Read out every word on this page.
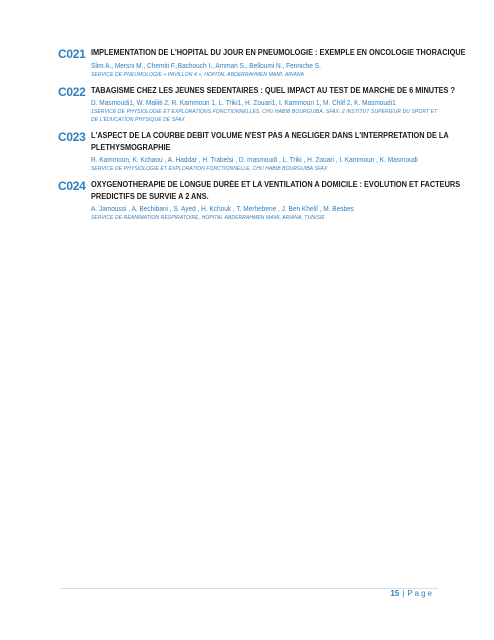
C021 IMPLEMENTATION DE L'HOPITAL DU JOUR EN PNEUMOLOGIE : EXEMPLE EN ONCOLOGIE THORACIQUE
Slim A., Mersni M., Chemiti F.,Bachouch I., Ammari S., Belloumi N., Fenniche S.
SERVICE DE PNEUMOLOGIE « PAVILLON 4 », HOPITAL ABDERRAHMEN MAMI. ARIANA
C022 TABAGISME CHEZ LES JEUNES SEDENTAIRES : QUEL IMPACT AU TEST DE MARCHE DE 6 MINUTES ?
D. Masmoudi1, W. Maliiti 2, R. Kammoun 1, L. Triki1, H. Zouari1, I. Kammoun 1, M. Chlif 2, K. Masmoudi1
1SERVICE DE PHYSIOLOGIE ET EXPLORATIONS FONCTIONNELLES. CHU HABIB BOURGUIBA, SFAX. 2 INSTITUT SUPÉRIEUR DU SPORT ET DE L'ÉDUCATION PHYSIQUE DE SFAX
C023 L'ASPECT DE LA COURBE DEBIT VOLUME N'EST PAS A NEGLIGER DANS L'INTERPRETATION DE LA PLETHYSMOGRAPHIE
R. Kammoun, K. Kchaou , A. Haddar , H. Trabelsi , D. masmoudi , L. Triki , H. Zouari , I. Kammoun , K. Masmoudi
SERVICE DE PHYSIOLOGIE ET EXPLORATION FONCTIONNELLE, CHU HABIB BOURGUIBA SFAX
C024 OXYGENOTHERAPIE DE LONGUE DURÉE ET LA VENTILATION A DOMICILE : EVOLUTION ET FACTEURS PREDICTIFS DE SURVIE A 2 ANS.
A. Jamoussi , A. Bechibani , S. Ayed , H. Kchouk , T. Merhebene , J. Ben Khelil , M. Besbes
SERVICE DE REANIMATION RESPIRATOIRE, HOPITAL ABDERRAHMEN MAMI, ARIANA, TUNISIE
15 | Page
